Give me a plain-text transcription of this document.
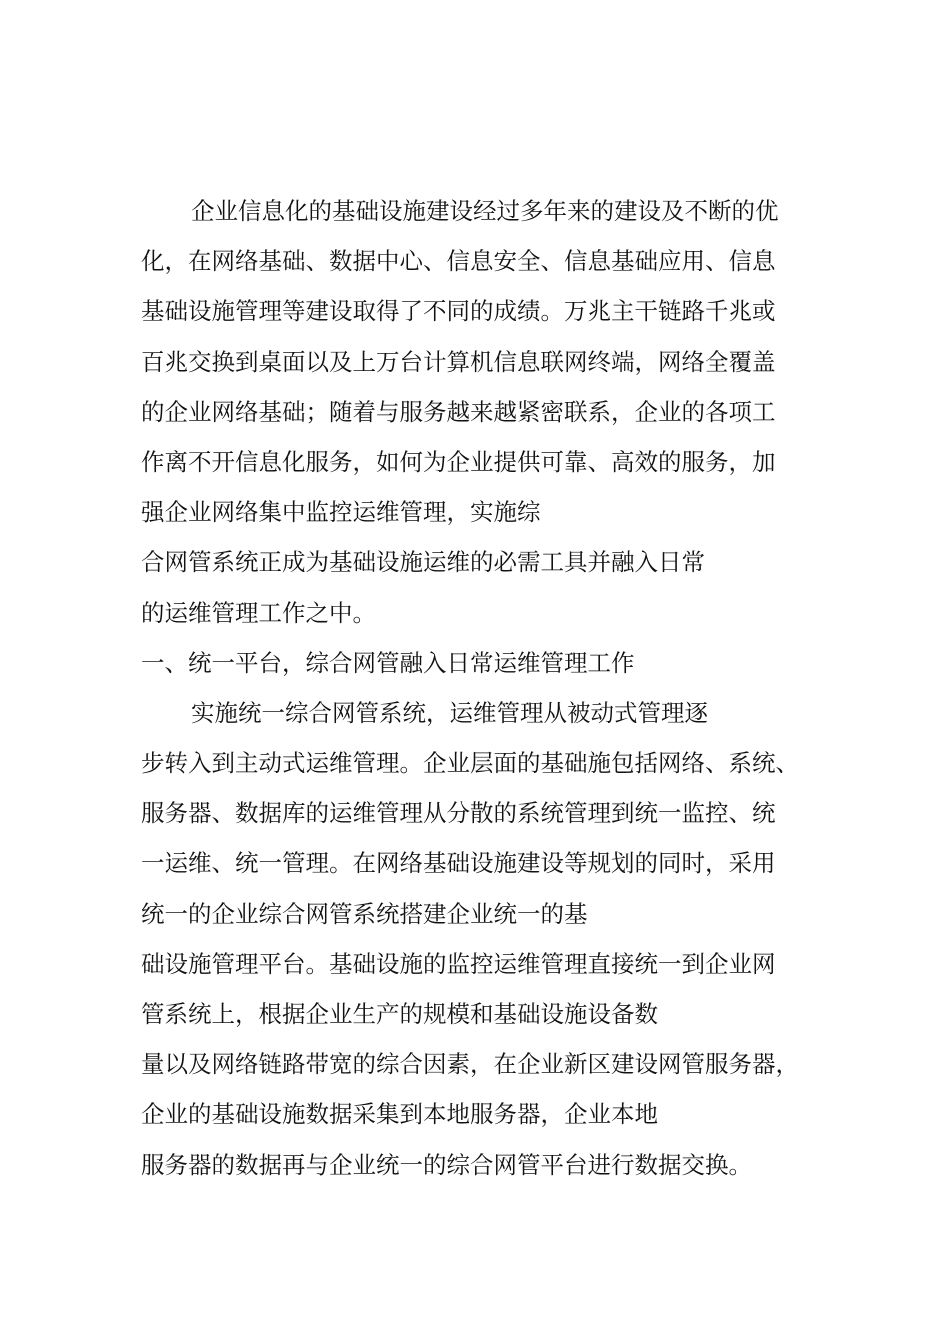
企业信息化的基础设施建设经过多年来的建设及不断的优
化，在网络基础、数据中心、信息安全、信息基础应用、信息
基础设施管理等建设取得了不同的成绩。万兆主干链路千兆或
百兆交换到桌面以及上万台计算机信息联网终端，网络全覆盖
的企业网络基础；随着与服务越来越紧密联系，企业的各项工
作离不开信息化服务，如何为企业提供可靠、高效的服务，加
强企业网络集中监控运维管理，实施综
合网管系统正成为基础设施运维的必需工具并融入日常
的运维管理工作之中。
一、统一平台，综合网管融入日常运维管理工作
实施统一综合网管系统，运维管理从被动式管理逐
步转入到主动式运维管理。企业层面的基础施包括网络、系统、
服务器、数据库的运维管理从分散的系统管理到统一监控、统
一运维、统一管理。在网络基础设施建设等规划的同时，采用
统一的企业综合网管系统搭建企业统一的基
础设施管理平台。基础设施的监控运维管理直接统一到企业网
管系统上，根据企业生产的规模和基础设施设备数
量以及网络链路带宽的综合因素，在企业新区建设网管服务器，
企业的基础设施数据采集到本地服务器，企业本地
服务器的数据再与企业统一的综合网管平台进行数据交换。
